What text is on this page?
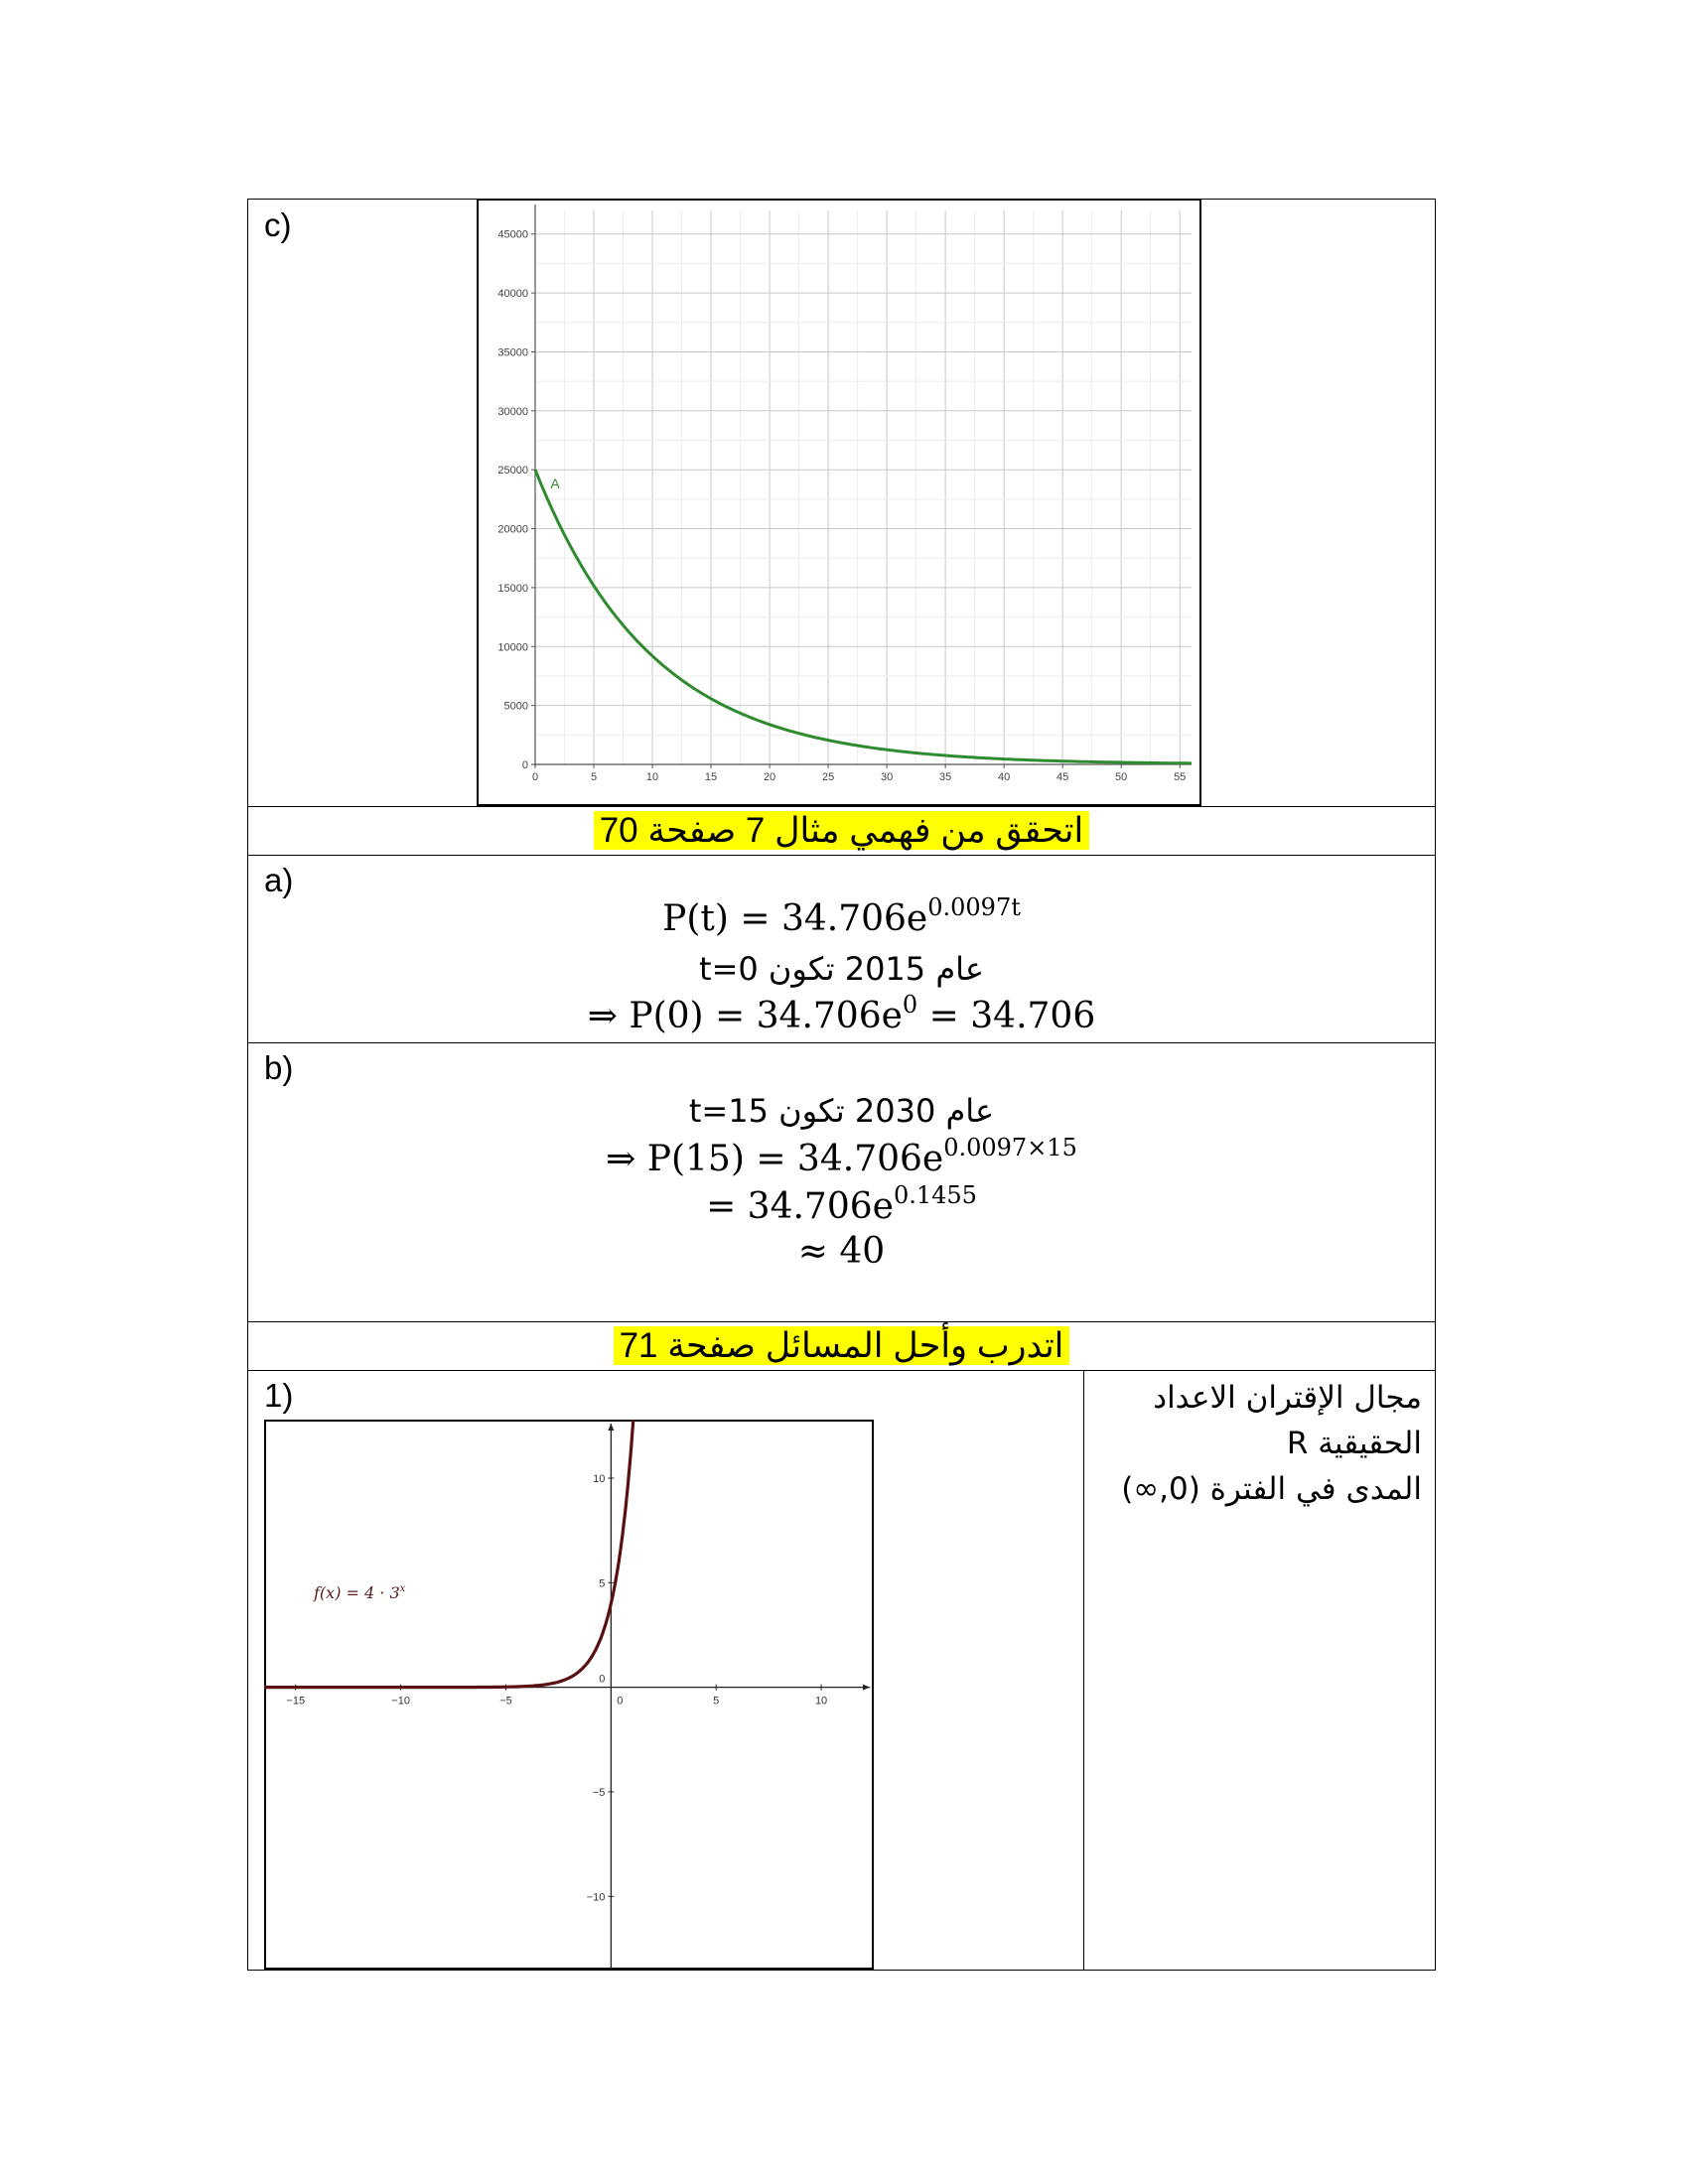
c)
0	5	10	15	20	25	30	35	40	45	50	55
0
5000
10000
15000
20000
25000
30000
35000
40000
45000
A
اتحقق من فهمي مثال 7 صفحة 70
a)
$P(t) = 34.706e^{0.0097t}$
عام 2015 تكون t=0
⇒ $P(0) = 34.706e^0 = 34.706$
b)
عام 2030 تكون t=15
⇒ $P(15) = 34.706e^{0.0097\times 15}$
= $34.706e^{0.1455}$
≈ 40
اتدرب وأحل المسائل صفحة 71
1)
−15	−10	−5	0	5	10
−10
−5
0
5
10
$f(x) = 4 \cdot 3^x$
مجال الإقتران الاعداد
الحقيقية R
المدى في الفترة (0,∞)
